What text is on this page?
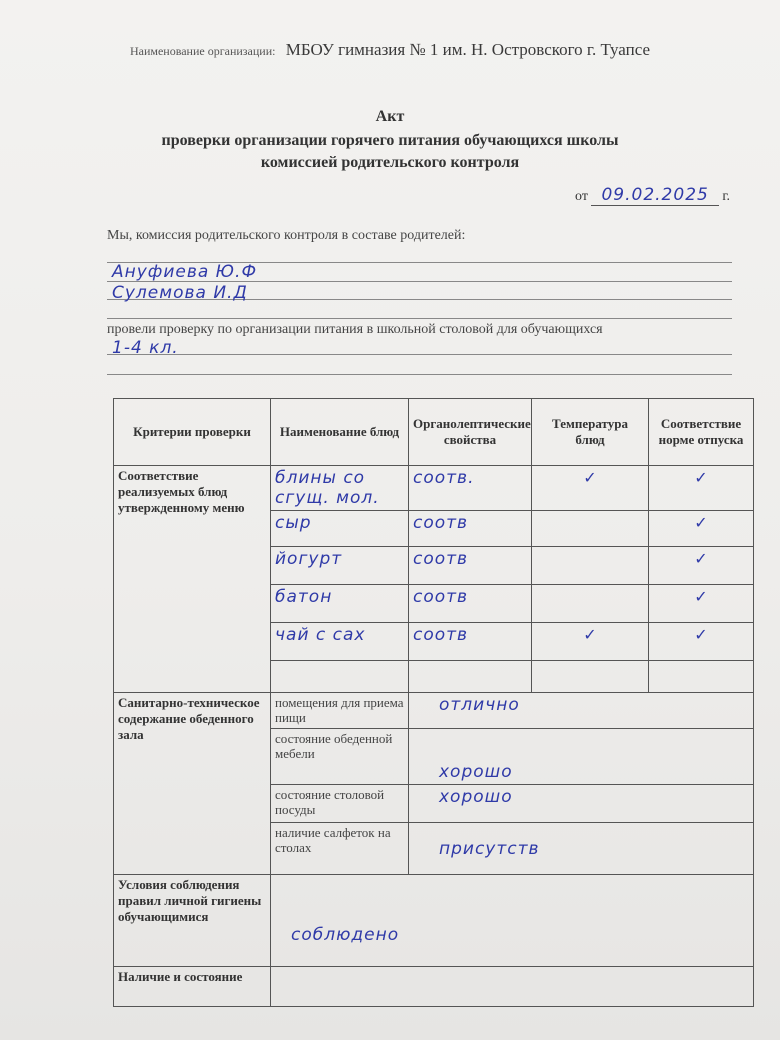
Наименование организации: МБОУ гимназия № 1 им. Н. Островского г. Туапсе
Акт
проверки организации горячего питания обучающихся школы
комиссией родительского контроля
от 09.02.2025 г.
Мы, комиссия родительского контроля в составе родителей:
Ануфиева Ю.Ф
Сулемова И.Д
провели проверку по организации питания в школьной столовой для обучающихся
1-4 кл.
Критерии проверки	Наименование блюд	Органолептические свойства	Температура блюд	Соответствие норме отпуска
Соответствие реализуемых блюд утвержденному меню	блины со сгущ. мол.	соотв.	✓	✓
	сыр	соотв		✓
	йогурт	соотв		✓
	батон	соотв		✓
	чай с сах	соотв	✓	✓

Санитарно-техническое содержание обеденного зала	помещения для приема пищи	отлично		
	состояние обеденной мебели	хорошо		
	состояние столовой посуды	хорошо		
	наличие салфеток на столах	присутств		
Условия соблюдения правил личной гигиены обучающимися	соблюдено			
Наличие и состояние				
